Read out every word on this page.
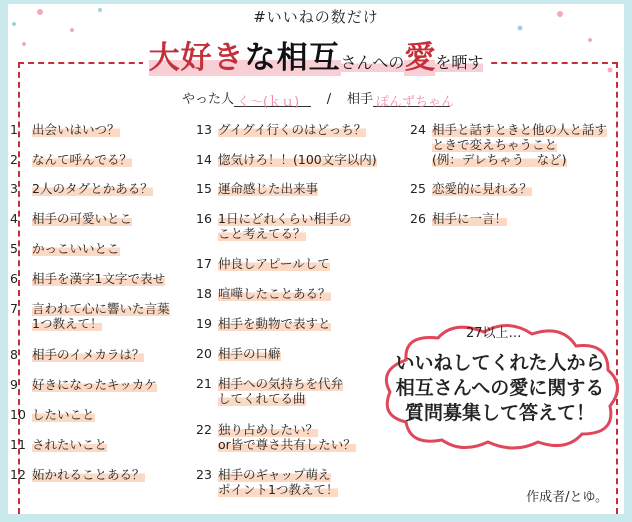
#いいねの数だけ
大好きな相互さんへの愛を晒す
やった人 く～(ｋｕ) / 相手 ぽんずちゃん
1 出会いはいつ？
2 なんて呼んでる？
3 2人のタグとかある？
4 相手の可愛いとこ
5 かっこいいとこ
6 相手を漢字1文字で表せ
7 言われて心に響いた言葉
1つ教えて！
8 相手のイメカラは？
9 好きになったキッカケ
10 したいこと
11 されたいこと
12 妬かれることある？
13 グイグイ行くのはどっち？
14 惚気けろ！！(100文字以内)
15 運命感じた出来事
16 1日にどれくらい相手の
こと考えてる？
17 仲良しアピールして
18 喧嘩したことある？
19 相手を動物で表すと
20 相手の口癖
21 相手への気持ちを代弁
してくれてる曲
22 独り占めしたい？
or皆で尊さ共有したい？
23 相手のギャップ萌え
ポイント1つ教えて！
24 相手と話すときと他の人と話す
ときで変えちゃうこと
(例：デレちゃう　など)
25 恋愛的に見れる？
26 相手に一言！
27以上…
いいねしてくれた人から
相互さんへの愛に関する
質問募集して答えて！
作成者/とゆ。
